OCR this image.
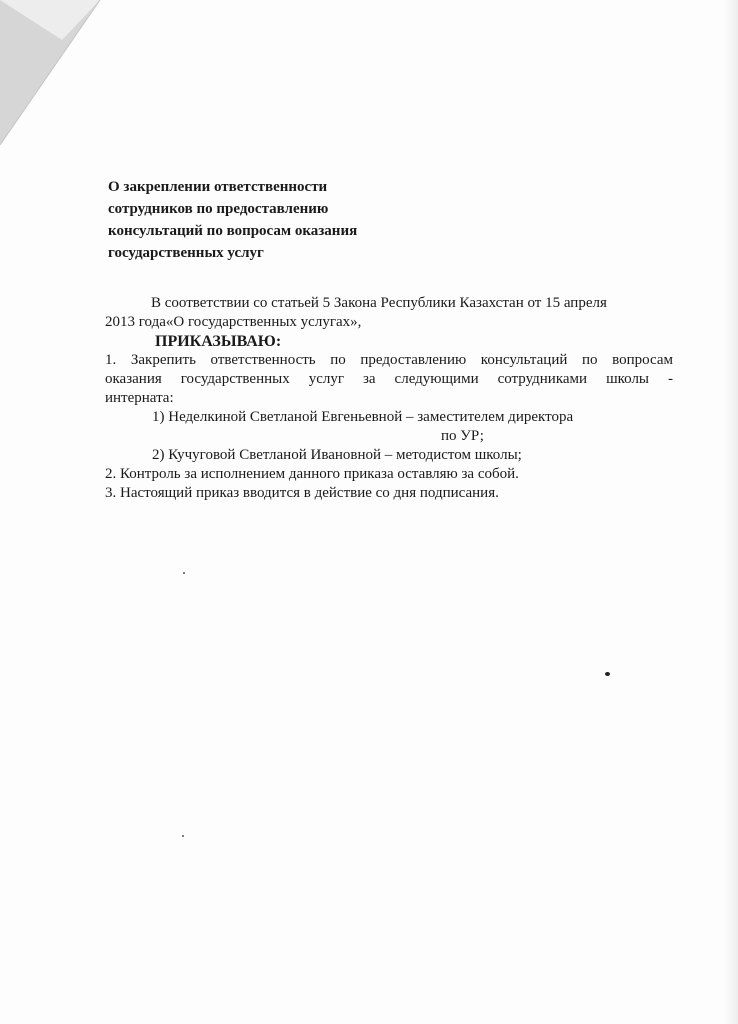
О закреплении ответственности
сотрудников по предоставлению
консультаций по вопросам оказания
государственных услуг
В соответствии со статьей 5 Закона Республики Казахстан от 15 апреля
2013 года«О государственных услугах»,
ПРИКАЗЫВАЮ:
1. Закрепить ответственность по предоставлению консультаций по вопросам
оказания государственных услуг за следующими сотрудниками школы -
интерната:
1) Неделкиной Светланой Евгеньевной – заместителем директора
по УР;
2) Кучуговой Светланой Ивановной – методистом школы;
2. Контроль за исполнением данного приказа оставляю за собой.
3. Настоящий приказ вводится в действие со дня подписания.
